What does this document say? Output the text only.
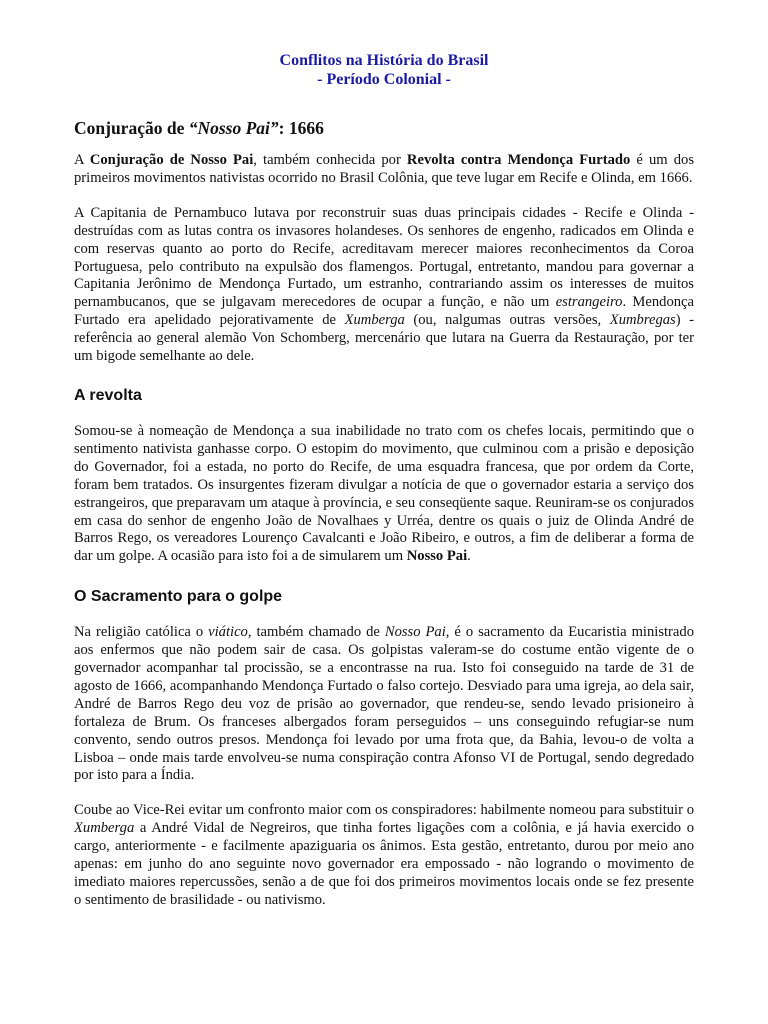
Conflitos na História do Brasil
- Período Colonial -
Conjuração de “Nosso Pai”: 1666

A Conjuração de Nosso Pai, também conhecida por Revolta contra Mendonça Furtado é um dos primeiros movimentos nativistas ocorrido no Brasil Colônia, que teve lugar em Recife e Olinda, em 1666.

A Capitania de Pernambuco lutava por reconstruir suas duas principais cidades - Recife e Olinda - destruídas com as lutas contra os invasores holandeses. Os senhores de engenho, radicados em Olinda e com reservas quanto ao porto do Recife, acreditavam merecer maiores reconhecimentos da Coroa Portuguesa, pelo contributo na expulsão dos flamengos. Portugal, entretanto, mandou para governar a Capitania Jerônimo de Mendonça Furtado, um estranho, contrariando assim os interesses de muitos pernambucanos, que se julgavam merecedores de ocupar a função, e não um estrangeiro. Mendonça Furtado era apelidado pejorativamente de Xumberga (ou, nalgumas outras versões, Xumbregas) - referência ao general alemão Von Schomberg, mercenário que lutara na Guerra da Restauração, por ter um bigode semelhante ao dele.

A revolta

Somou-se à nomeação de Mendonça a sua inabilidade no trato com os chefes locais, permitindo que o sentimento nativista ganhasse corpo. O estopim do movimento, que culminou com a prisão e deposição do Governador, foi a estada, no porto do Recife, de uma esquadra francesa, que por ordem da Corte, foram bem tratados. Os insurgentes fizeram divulgar a notícia de que o governador estaria a serviço dos estrangeiros, que preparavam um ataque à província, e seu conseqüente saque. Reuniram-se os conjurados em casa do senhor de engenho João de Novalhaes y Urréa, dentre os quais o juiz de Olinda André de Barros Rego, os vereadores Lourenço Cavalcanti e João Ribeiro, e outros, a fim de deliberar a forma de dar um golpe. A ocasião para isto foi a de simularem um Nosso Pai.

O Sacramento para o golpe

Na religião católica o viático, também chamado de Nosso Pai, é o sacramento da Eucaristia ministrado aos enfermos que não podem sair de casa. Os golpistas valeram-se do costume então vigente de o governador acompanhar tal procissão, se a encontrasse na rua. Isto foi conseguido na tarde de 31 de agosto de 1666, acompanhando Mendonça Furtado o falso cortejo. Desviado para uma igreja, ao dela sair, André de Barros Rego deu voz de prisão ao governador, que rendeu-se, sendo levado prisioneiro à fortaleza de Brum. Os franceses albergados foram perseguidos – uns conseguindo refugiar-se num convento, sendo outros presos. Mendonça foi levado por uma frota que, da Bahia, levou-o de volta a Lisboa – onde mais tarde envolveu-se numa conspiração contra Afonso VI de Portugal, sendo degredado por isto para a Índia.

Coube ao Vice-Rei evitar um confronto maior com os conspiradores: habilmente nomeou para substituir o Xumberga a André Vidal de Negreiros, que tinha fortes ligações com a colônia, e já havia exercido o cargo, anteriormente - e facilmente apaziguaria os ânimos. Esta gestão, entretanto, durou por meio ano apenas: em junho do ano seguinte novo governador era empossado - não logrando o movimento de imediato maiores repercussões, senão a de que foi dos primeiros movimentos locais onde se fez presente o sentimento de brasilidade - ou nativismo.
